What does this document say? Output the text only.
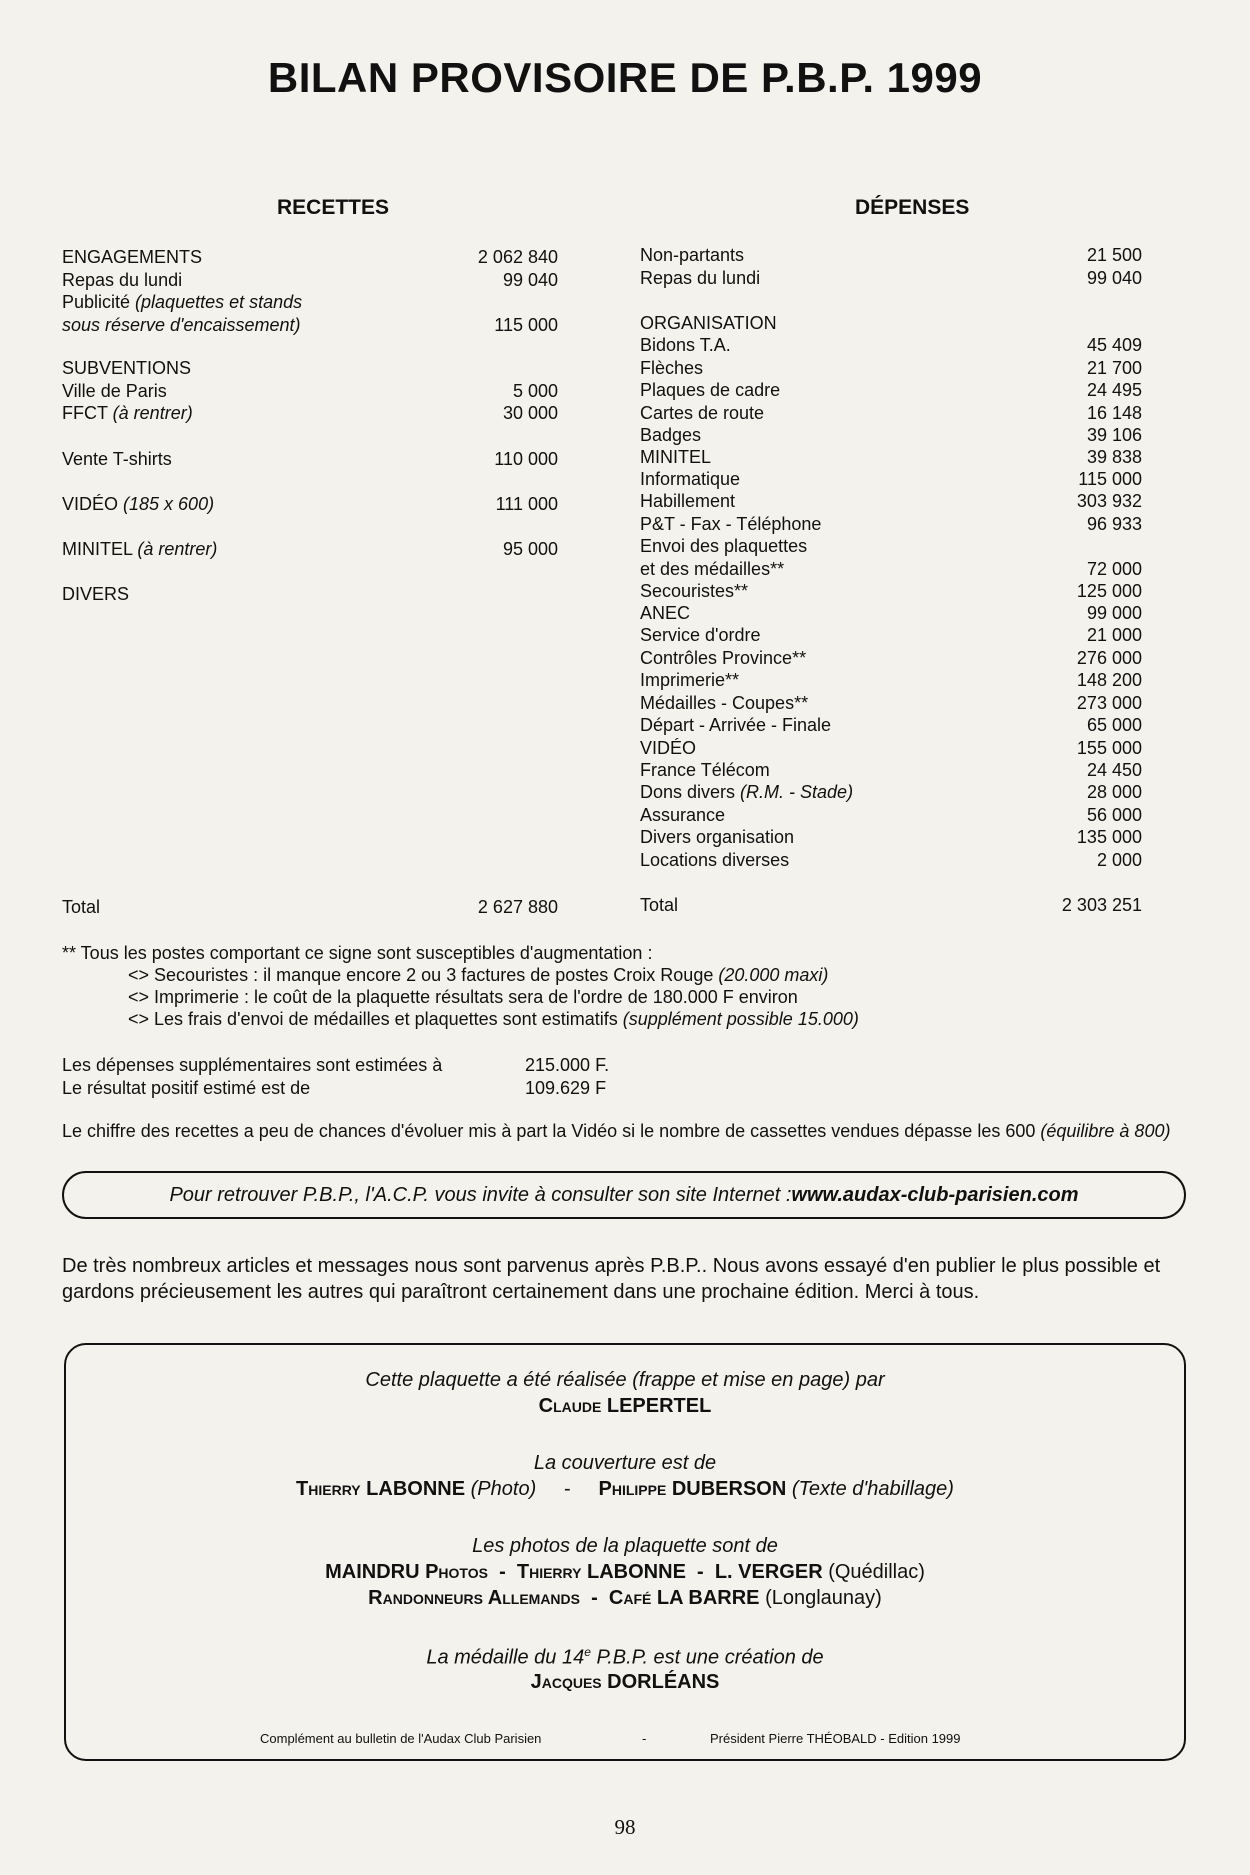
BILAN PROVISOIRE DE P.B.P. 1999
RECETTES
ENGAGEMENTS	2 062 840
Repas du lundi	99 040
Publicité (plaquettes et stands
sous réserve d'encaissement)	115 000
SUBVENTIONS
Ville de Paris	5 000
FFCT (à rentrer)	30 000
Vente T-shirts	110 000
VIDÉO (185 x 600)	111 000
MINITEL (à rentrer)	95 000
DIVERS
Total	2 627 880
DÉPENSES
Non-partants	21 500
Repas du lundi	99 040
ORGANISATION
Bidons T.A.	45 409
Flèches	21 700
Plaques de cadre	24 495
Cartes de route	16 148
Badges	39 106
MINITEL	39 838
Informatique	115 000
Habillement	303 932
P&T - Fax - Téléphone	96 933
Envoi des plaquettes
et des médailles**	72 000
Secouristes**	125 000
ANEC	99 000
Service d'ordre	21 000
Contrôles Province**	276 000
Imprimerie**	148 200
Médailles - Coupes**	273 000
Départ - Arrivée - Finale	65 000
VIDÉO	155 000
France Télécom	24 450
Dons divers (R.M. - Stade)	28 000
Assurance	56 000
Divers organisation	135 000
Locations diverses	2 000
Total	2 303 251
** Tous les postes comportant ce signe sont susceptibles d'augmentation :
<> Secouristes : il manque encore 2 ou 3 factures de postes Croix Rouge (20.000 maxi)
<> Imprimerie : le coût de la plaquette résultats sera de l'ordre de 180.000 F environ
<> Les frais d'envoi de médailles et plaquettes sont estimatifs (supplément possible 15.000)
Les dépenses supplémentaires sont estimées à	215.000 F.
Le résultat positif estimé est de	109.629 F
Le chiffre des recettes a peu de chances d'évoluer mis à part la Vidéo si le nombre de cassettes vendues dépasse les 600 (équilibre à 800)
Pour retrouver P.B.P., l'A.C.P. vous invite à consulter son site Internet : www.audax-club-parisien.com
De très nombreux articles et messages nous sont parvenus après P.B.P.. Nous avons essayé d'en publier le plus possible et gardons précieusement les autres qui paraîtront certainement dans une prochaine édition. Merci à tous.
Cette plaquette a été réalisée (frappe et mise en page) par
Claude LEPERTEL
La couverture est de
Thierry LABONNE (Photo) - Philippe DUBERSON (Texte d'habillage)
Les photos de la plaquette sont de
MAINDRU Photos - Thierry LABONNE - L. VERGER (Quédillac)
Randonneurs Allemands - Café LA BARRE (Longlaunay)
La médaille du 14e P.B.P. est une création de
Jacques DORLÉANS
Complément au bulletin de l'Audax Club Parisien	-	Président Pierre THÉOBALD - Edition 1999
98
